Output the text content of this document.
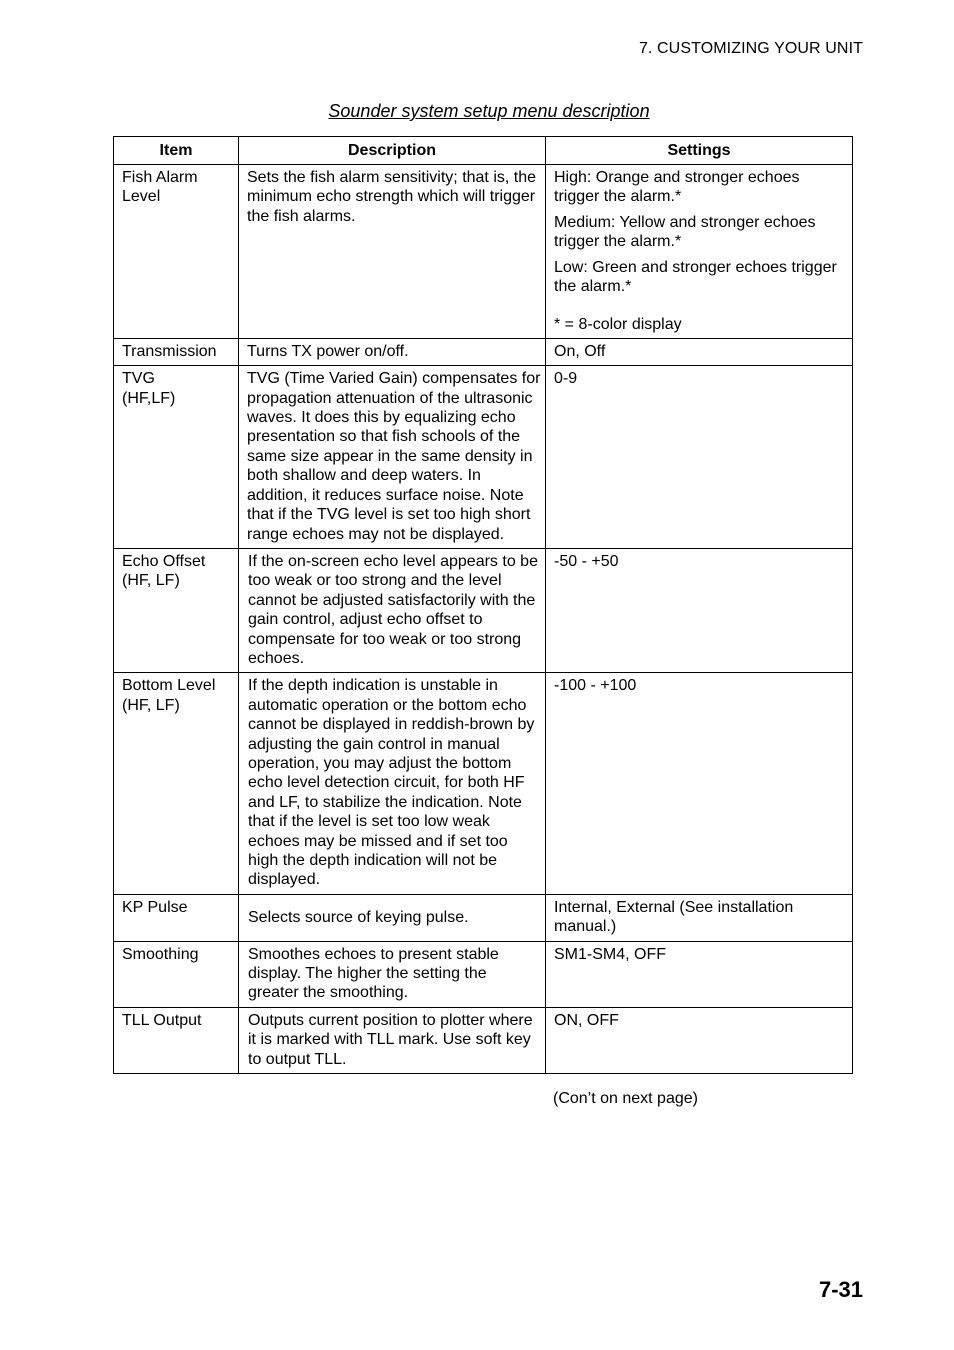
7. CUSTOMIZING YOUR UNIT
Sounder system setup menu description
Item	Description	Settings

Fish Alarm Level	Sets the fish alarm sensitivity; that is, the minimum echo strength which will trigger the fish alarms.	High: Orange and stronger echoes trigger the alarm.*
Medium: Yellow and stronger echoes trigger the alarm.*
Low: Green and stronger echoes trigger the alarm.*
* = 8-color display

Transmission	Turns TX power on/off.	On, Off

TVG (HF,LF)	TVG (Time Varied Gain) compensates for propagation attenuation of the ultrasonic waves. It does this by equalizing echo presentation so that fish schools of the same size appear in the same density in both shallow and deep waters. In addition, it reduces surface noise. Note that if the TVG level is set too high short range echoes may not be displayed.	0-9

Echo Offset (HF, LF)	If the on-screen echo level appears to be too weak or too strong and the level cannot be adjusted satisfactorily with the gain control, adjust echo offset to compensate for too weak or too strong echoes.	-50 - +50

Bottom Level (HF, LF)	If the depth indication is unstable in automatic operation or the bottom echo cannot be displayed in reddish-brown by adjusting the gain control in manual operation, you may adjust the bottom echo level detection circuit, for both HF and LF, to stabilize the indication. Note that if the level is set too low weak echoes may be missed and if set too high the depth indication will not be displayed.	-100 - +100

KP Pulse	Selects source of keying pulse.	Internal, External (See installation manual.)

Smoothing	Smoothes echoes to present stable display. The higher the setting the greater the smoothing.	SM1-SM4, OFF

TLL Output	Outputs current position to plotter where it is marked with TLL mark. Use soft key to output TLL.	ON, OFF
(Con’t on next page)
7-31
